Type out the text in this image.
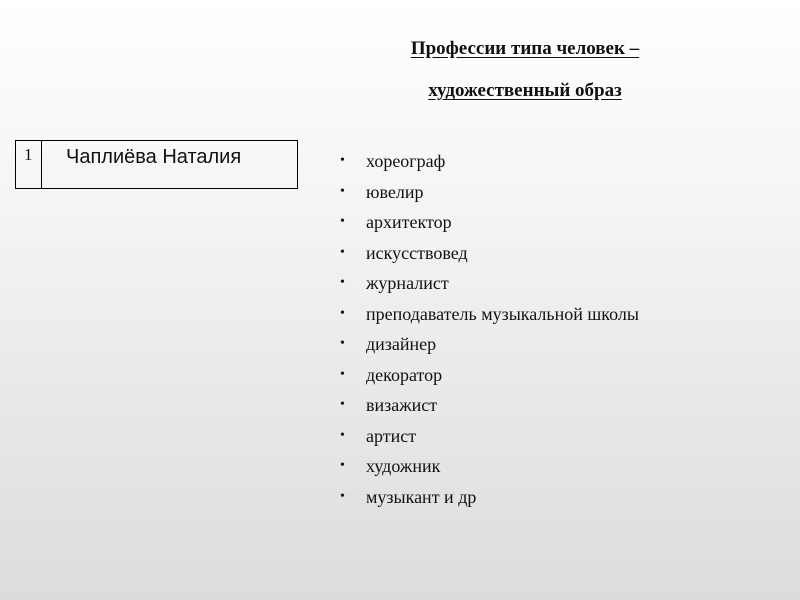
Профессии типа человек –
художественный образ
1	Чаплиёва Наталия	•	хореограф
•	ювелир
•	архитектор
•	искусствовед
•	журналист
•	преподаватель музыкальной школы
•	дизайнер
•	декоратор
•	визажист
•	артист
•	художник
•	музыкант и др
